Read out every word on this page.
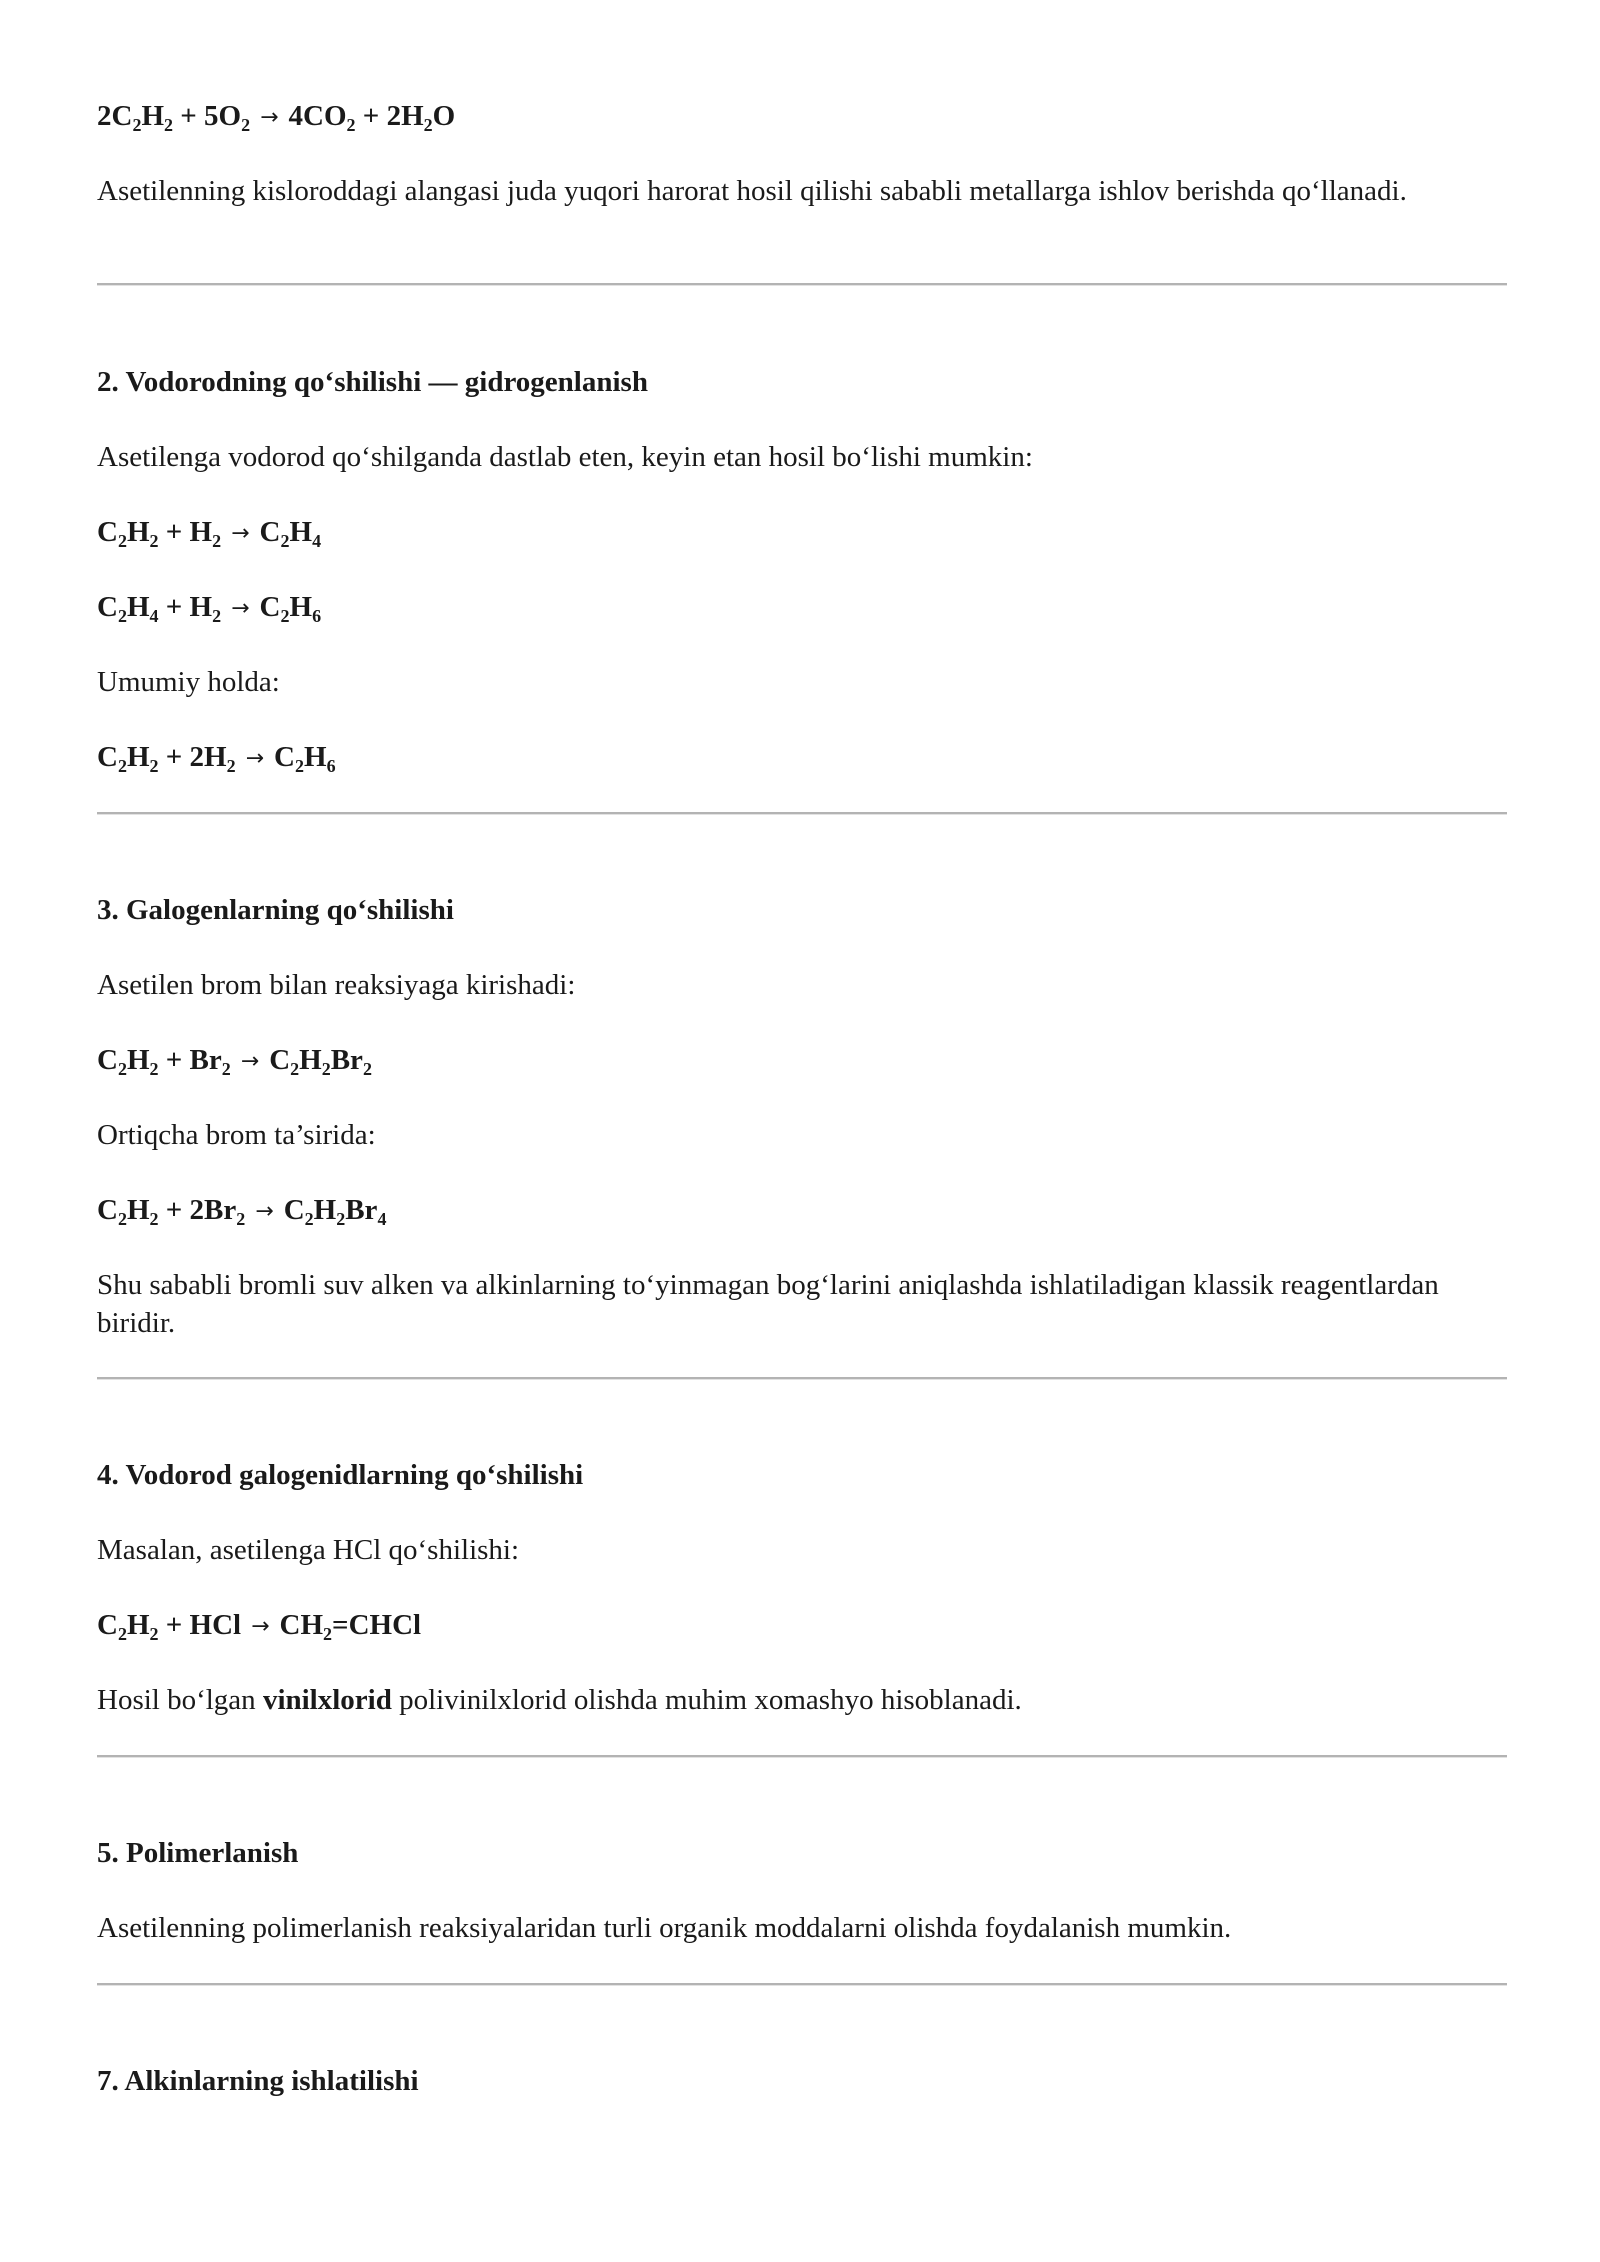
$2C_2H_2 + 5O_2 \to 4CO_2 + 2H_2O$

Asetilenning kisloroddagi alangasi juda yuqori harorat hosil qilishi sababli metallarga ishlov berishda qo‘llanadi.

2. Vodorodning qo‘shilishi — gidrogenlanish

Asetilenga vodorod qo‘shilganda dastlab eten, keyin etan hosil bo‘lishi mumkin:

$C_2H_2 + H_2 \to C_2H_4$

$C_2H_4 + H_2 \to C_2H_6$

Umumiy holda:

$C_2H_2 + 2H_2 \to C_2H_6$

3. Galogenlarning qo‘shilishi

Asetilen brom bilan reaksiyaga kirishadi:

$C_2H_2 + Br_2 \to C_2H_2Br_2$

Ortiqcha brom ta’sirida:

$C_2H_2 + 2Br_2 \to C_2H_2Br_4$

Shu sababli bromli suv alken va alkinlarning to‘yinmagan bog‘larini aniqlashda ishlatiladigan klassik reagentlardan biridir.

4. Vodorod galogenidlarning qo‘shilishi

Masalan, asetilenga HCl qo‘shilishi:

$C_2H_2$ + HCl → $CH_2=CHCl$

Hosil bo‘lgan vinilxlorid polivinilxlorid olishda muhim xomashyo hisoblanadi.

5. Polimerlanish

Asetilenning polimerlanish reaksiyalaridan turli organik moddalarni olishda foydalanish mumkin.

7. Alkinlarning ishlatilishi
